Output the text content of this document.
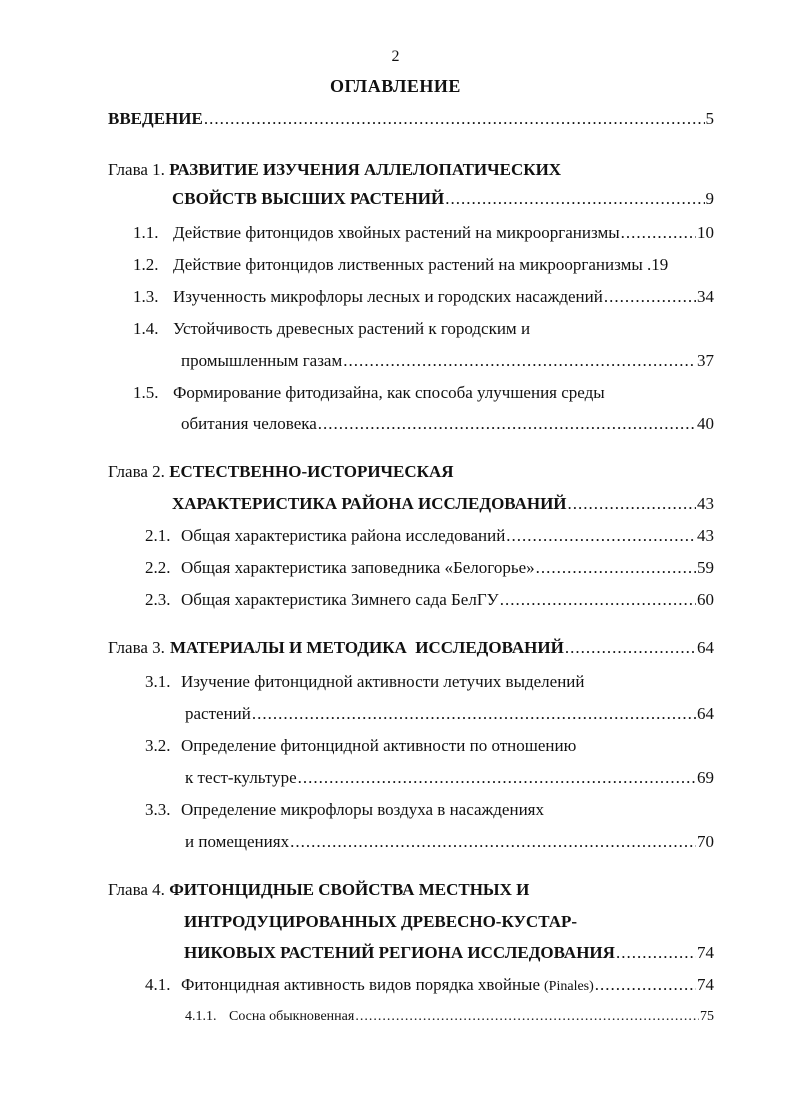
2
ОГЛАВЛЕНИЕ
ВВЕДЕНИЕ .....	5
Глава 1. РАЗВИТИЕ ИЗУЧЕНИЯ АЛЛЕЛОПАТИЧЕСКИХ
СВОЙСТВ ВЫСШИХ РАСТЕНИЙ .....	9
1.1. Действие фитонцидов хвойных растений на микроорганизмы .....	10
1.2. Действие фитонцидов лиственных растений на микроорганизмы . 19
1.3. Изученность микрофлоры лесных и городских насаждений .....	34
1.4. Устойчивость древесных растений к городским и
промышленным газам .....	37
1.5. Формирование фитодизайна, как способа улучшения среды
обитания человека .....	40
Глава 2. ЕСТЕСТВЕННО-ИСТОРИЧЕСКАЯ
ХАРАКТЕРИСТИКА РАЙОНА ИССЛЕДОВАНИЙ .....	43
2.1. Общая характеристика района исследований .....	43
2.2. Общая характеристика заповедника «Белогорье» .....	59
2.3. Общая характеристика Зимнего сада БелГУ .....	60
Глава 3. МАТЕРИАЛЫ И МЕТОДИКА  ИССЛЕДОВАНИЙ .....	64
3.1. Изучение фитонцидной активности летучих выделений
растений .....	64
3.2. Определение фитонцидной активности по отношению
к тест-культуре .....	69
3.3. Определение микрофлоры воздуха в насаждениях
и помещениях .....	70
Глава 4. ФИТОНЦИДНЫЕ СВОЙСТВА МЕСТНЫХ И
ИНТРОДУЦИРОВАННЫХ ДРЕВЕСНО-КУСТАР-
НИКОВЫХ РАСТЕНИЙ РЕГИОНА ИССЛЕДОВАНИЯ .....	74
4.1. Фитонцидная активность видов порядка хвойные (Pinales) .....	74
4.1.1. Сосна обыкновенная .....	75
